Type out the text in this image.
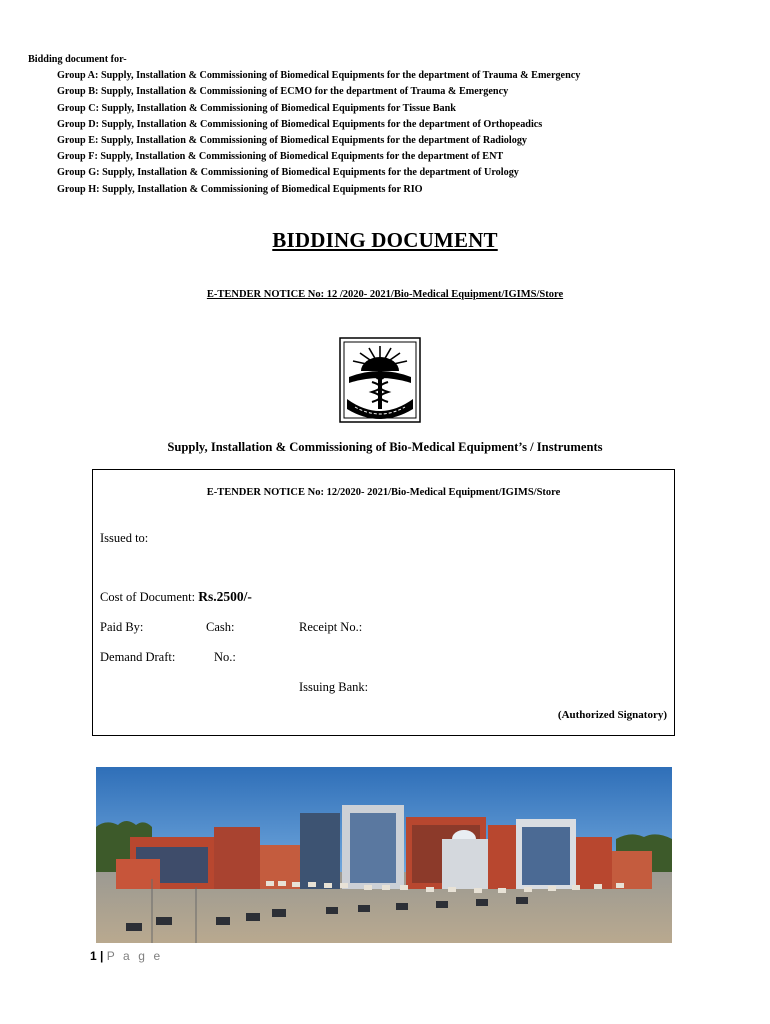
Bidding document for-
Group A: Supply, Installation & Commissioning of Biomedical Equipments for the department of Trauma & Emergency
Group B: Supply, Installation & Commissioning of ECMO for the department of Trauma & Emergency
Group C: Supply, Installation & Commissioning of Biomedical Equipments for Tissue Bank
Group D: Supply, Installation & Commissioning of Biomedical Equipments for the department of Orthopeadics
Group E: Supply, Installation & Commissioning of Biomedical Equipments for the department of Radiology
Group F: Supply, Installation & Commissioning of Biomedical Equipments for the department of ENT
Group G: Supply, Installation & Commissioning of Biomedical Equipments for the department of Urology
Group H: Supply, Installation & Commissioning of Biomedical Equipments for RIO
BIDDING DOCUMENT
E-TENDER NOTICE No: 12 /2020- 2021/Bio-Medical Equipment/IGIMS/Store
Supply, Installation & Commissioning of Bio-Medical Equipment’s / Instruments
E-TENDER NOTICE No: 12/2020- 2021/Bio-Medical Equipment/IGIMS/Store
Issued to:
Cost of Document: Rs.2500/-
Paid By:	Cash:	Receipt No.:
Demand Draft:	No.:
Issuing Bank:
(Authorized Signatory)
1 | P a g e
